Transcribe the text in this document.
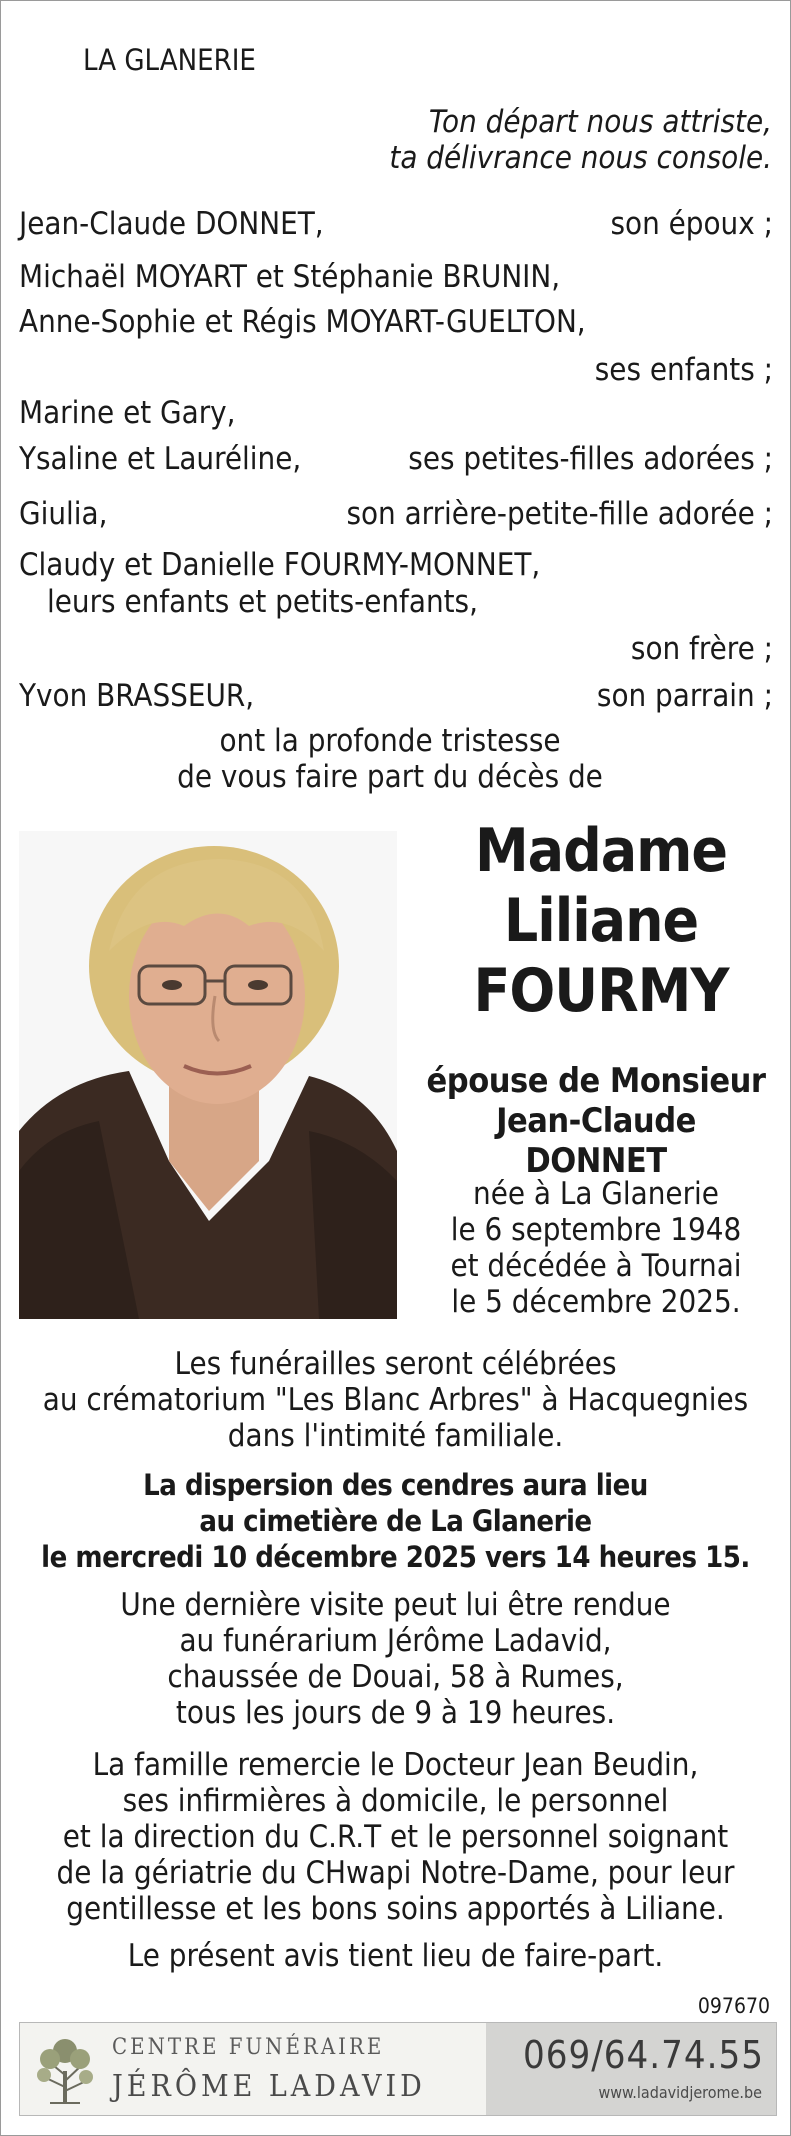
LA GLANERIE
Ton départ nous attriste,
ta délivrance nous console.
Jean-Claude DONNET,	son époux ;
Michaël MOYART et Stéphanie BRUNIN,
Anne-Sophie et Régis MOYART-GUELTON,
ses enfants ;
Marine et Gary,
Ysaline et Lauréline,	ses petites-filles adorées ;
Giulia,	son arrière-petite-fille adorée ;
Claudy et Danielle FOURMY-MONNET,
leurs enfants et petits-enfants,
son frère ;
Yvon BRASSEUR,	son parrain ;
ont la profonde tristesse
de vous faire part du décès de
Madame
Liliane
FOURMY
épouse de Monsieur
Jean-Claude DONNET
née à La Glanerie
le 6 septembre 1948
et décédée à Tournai
le 5 décembre 2025.
Les funérailles seront célébrées
au crématorium "Les Blanc Arbres" à Hacquegnies
dans l'intimité familiale.
La dispersion des cendres aura lieu
au cimetière de La Glanerie
le mercredi 10 décembre 2025 vers 14 heures 15.
Une dernière visite peut lui être rendue
au funérarium Jérôme Ladavid,
chaussée de Douai, 58 à Rumes,
tous les jours de 9 à 19 heures.
La famille remercie le Docteur Jean Beudin,
ses infirmières à domicile, le personnel
et la direction du C.R.T et le personnel soignant
de la gériatrie du CHwapi Notre-Dame, pour leur
gentillesse et les bons soins apportés à Liliane.
Le présent avis tient lieu de faire-part.
097670
CENTRE FUNÉRAIRE
JÉRÔME LADAVID
069/64.74.55
www.ladavidjerome.be
